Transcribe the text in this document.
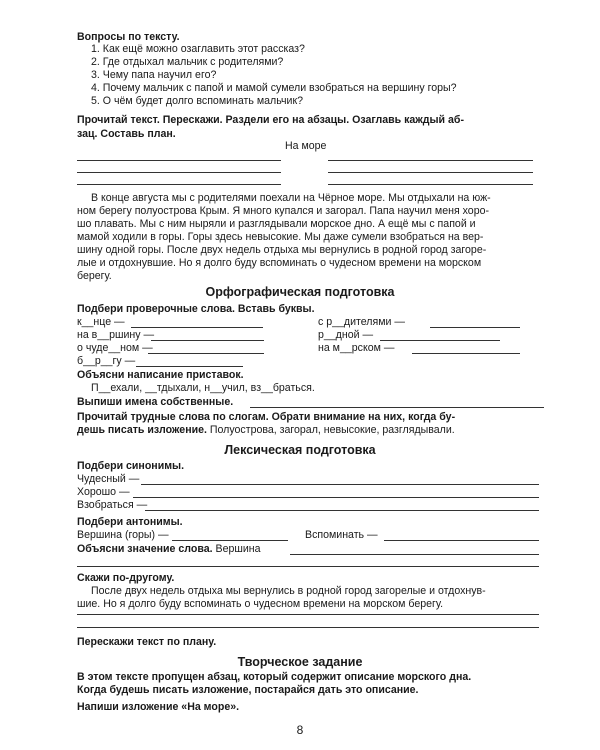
Вопросы по тексту.
1. Как ещё можно озаглавить этот рассказ?
2. Где отдыхал мальчик с родителями?
3. Чему папа научил его?
4. Почему мальчик с папой и мамой сумели взобраться на вершину горы?
5. О чём будет долго вспоминать мальчик?
Прочитай текст. Перескажи. Раздели его на абзацы. Озаглавь каждый аб-
зац. Составь план.
На море
В конце августа мы с родителями поехали на Чёрное море. Мы отдыхали на юж-
ном берегу полуострова Крым. Я много купался и загорал. Папа научил меня хоро-
шо плавать. Мы с ним ныряли и разглядывали морское дно. А ещё мы с папой и
мамой ходили в горы. Горы здесь невысокие. Мы даже сумели взобраться на вер-
шину одной горы. После двух недель отдыха мы вернулись в родной город загоре-
лые и отдохнувшие. Но я долго буду вспоминать о чудесном времени на морском
берегу.
Орфографическая подготовка
Подбери проверочные слова. Вставь буквы.
к__нце —
на в__ршину —
о чуде__ном —
б__р__гу —
с р__дителями —
р__дной —
на м__рском —
Объясни написание приставок.
П__ехали, __тдыхали, н__учил, вз__браться.
Выпиши имена собственные.
Прочитай трудные слова по слогам. Обрати внимание на них, когда бу-
дешь писать изложение. Полуострова, загорал, невысокие, разглядывали.
Лексическая подготовка
Подбери синонимы.
Чудесный —
Хорошо —
Взобраться —
Подбери антонимы.
Вершина (горы) —	Вспоминать —
Объясни значение слова. Вершина
Скажи по-другому.
После двух недель отдыха мы вернулись в родной город загорелые и отдохнув-
шие. Но я долго буду вспоминать о чудесном времени на морском берегу.
Перескажи текст по плану.
Творческое задание
В этом тексте пропущен абзац, который содержит описание морского дна.
Когда будешь писать изложение, постарайся дать это описание.
Напиши изложение «На море».
8
